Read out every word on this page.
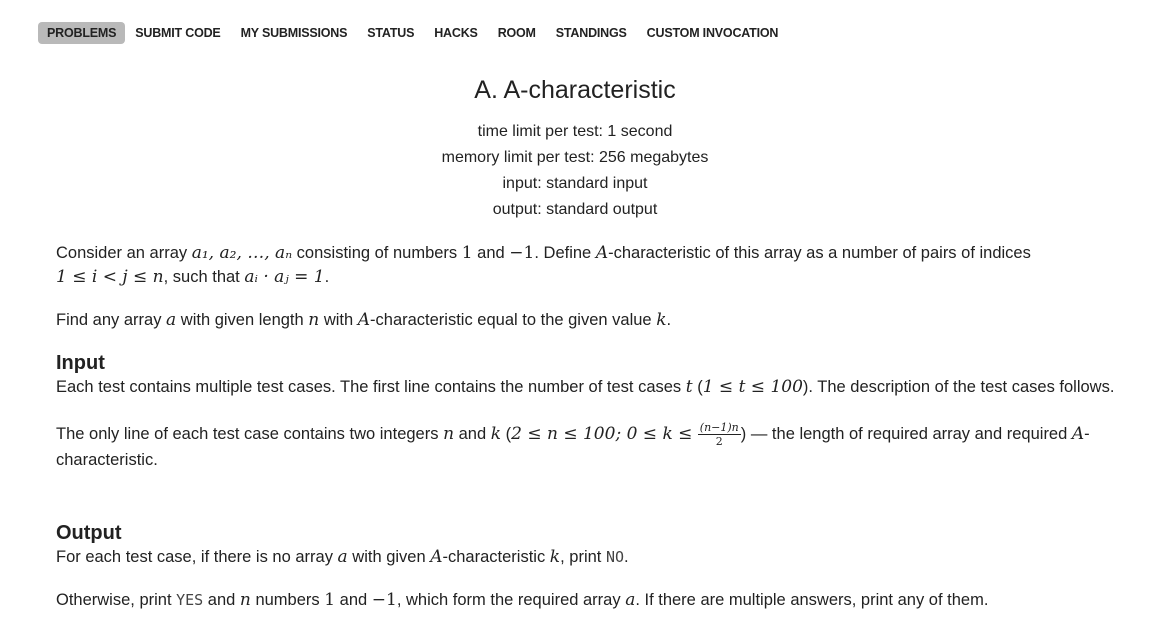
PROBLEMS	SUBMIT CODE	MY SUBMISSIONS	STATUS	HACKS	ROOM	STANDINGS	CUSTOM INVOCATION
A. A-characteristic
time limit per test: 1 second
memory limit per test: 256 megabytes
input: standard input
output: standard output

Consider an array a₁, a₂, …, aₙ consisting of numbers 1 and −1. Define A-characteristic of this array as a number of pairs of indices
1 ≤ i < j ≤ n, such that aᵢ · aⱼ = 1.

Find any array a with given length n with A-characteristic equal to the given value k.

Input

Each test contains multiple test cases. The first line contains the number of test cases t (1 ≤ t ≤ 100). The description of the test cases follows.

The only line of each test case contains two integers n and k (2 ≤ n ≤ 100; $0 \le k \le \frac{(n-1)n}{2}$ ) — the length of required array and required A-characteristic.

Output

For each test case, if there is no array a with given A-characteristic k, print NO.

Otherwise, print YES and n numbers 1 and −1, which form the required array a. If there are multiple answers, print any of them.
